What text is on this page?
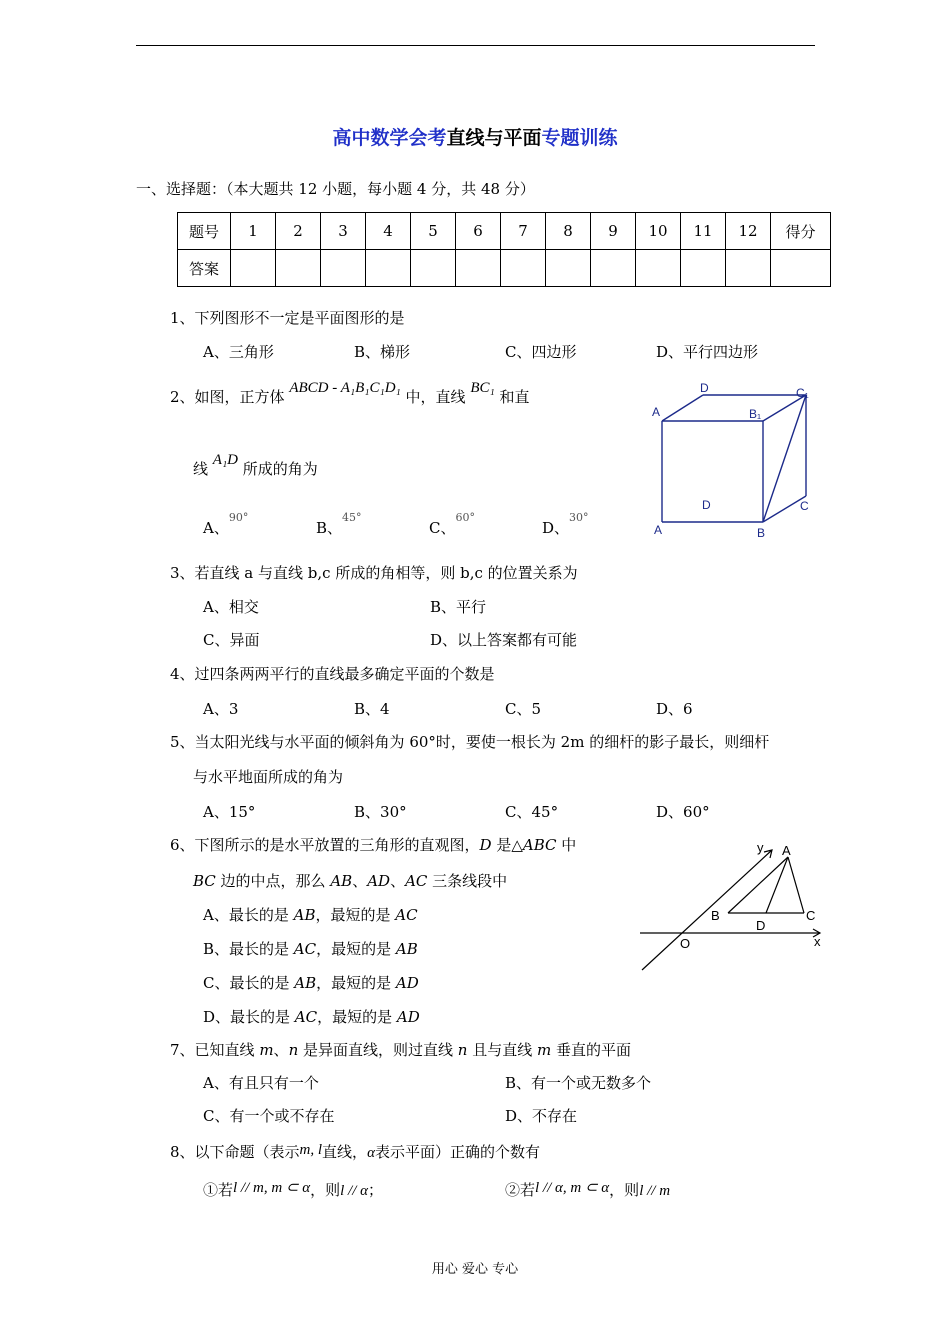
高中数学会考直线与平面专题训练
一、选择题：（本大题共 12 小题，每小题 4 分，共 48 分）
题号	1	2	3	4	5	6	7	8	9	10	11	12	得分
答案													
1、下列图形不一定是平面图形的是
A、三角形	B、梯形	C、四边形	D、平行四边形
2、如图，正方体 ABCD - A₁B₁C₁D₁ 中，直线 BC₁ 和直
线 A₁D 所成的角为
A、$^{90^\circ}$
B、$^{45^\circ}$
C、$^{60^\circ}$
D、$^{30^\circ}$
D	C₁
A	B₁
D	C
A	B
3、若直线 a 与直线 b,c 所成的角相等，则 b,c 的位置关系为
A、相交	B、平行
C、异面	D、以上答案都有可能
4、过四条两两平行的直线最多确定平面的个数是
A、3	B、4	C、5	D、6
5、当太阳光线与水平面的倾斜角为 60°时，要使一根长为 2m 的细杆的影子最长，则细杆
与水平地面所成的角为
A、15°	B、30°	C、45°	D、60°
6、下图所示的是水平放置的三角形的直观图，D 是△ABC 中
BC 边的中点，那么 AB、AD、AC 三条线段中
A、最长的是 AB，最短的是 AC
B、最长的是 AC，最短的是 AB
C、最长的是 AB，最短的是 AD
D、最长的是 AC，最短的是 AD
y A
B
D
C
O	x
7、已知直线 m、n 是异面直线，则过直线 n 且与直线 m 垂直的平面
A、有且只有一个	B、有一个或无数多个
C、有一个或不存在	D、不存在
8、以下命题（表示m, l直线，α表示平面）正确的个数有
①若l // m, m ⊂ α，则l // α；	②若l // α, m ⊂ α，则l // m
用心 爱心 专心
